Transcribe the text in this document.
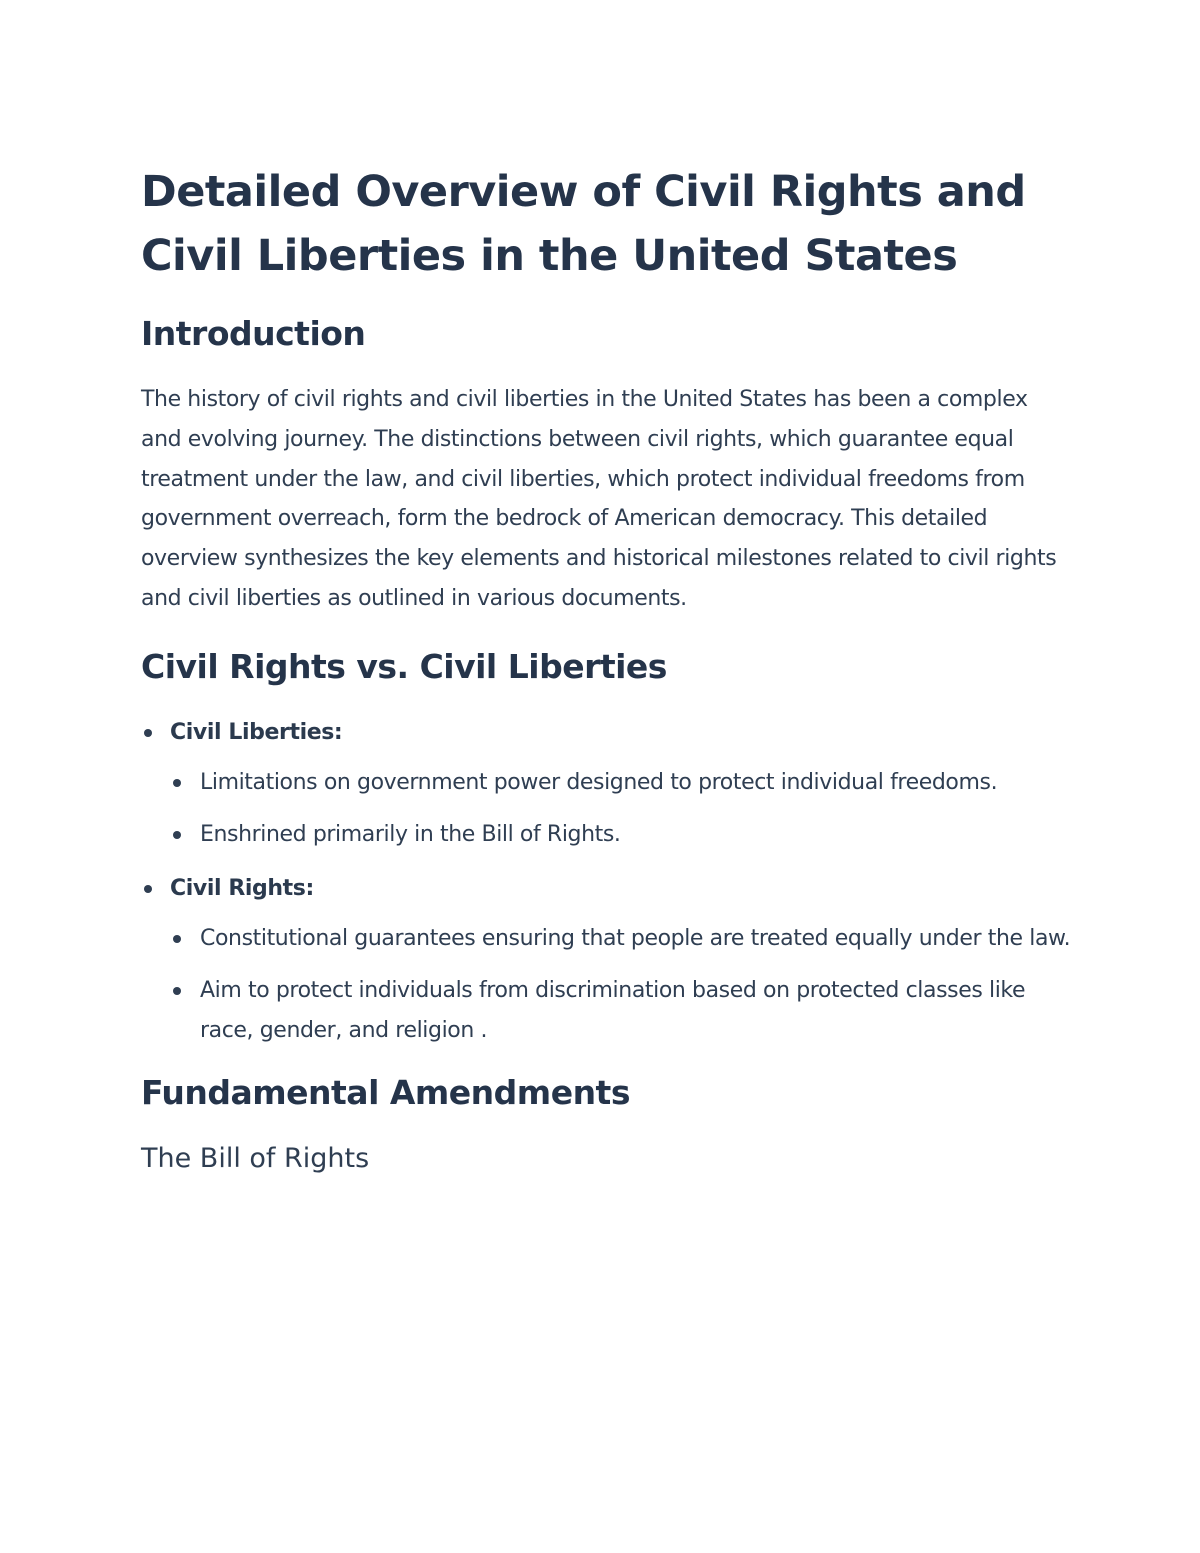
Detailed Overview of Civil Rights and
Civil Liberties in the United States
Introduction

The history of civil rights and civil liberties in the United States has been a complex and evolving journey. The distinctions between civil rights, which guarantee equal treatment under the law, and civil liberties, which protect individual freedoms from government overreach, form the bedrock of American democracy. This detailed overview synthesizes the key elements and historical milestones related to civil rights and civil liberties as outlined in various documents.

Civil Rights vs. Civil Liberties
Civil Liberties:
Limitations on government power designed to protect individual freedoms.
Enshrined primarily in the Bill of Rights.
Civil Rights:
Constitutional guarantees ensuring that people are treated equally under the law.
Aim to protect individuals from discrimination based on protected classes like race, gender, and religion .
Fundamental Amendments
The Bill of Rights
